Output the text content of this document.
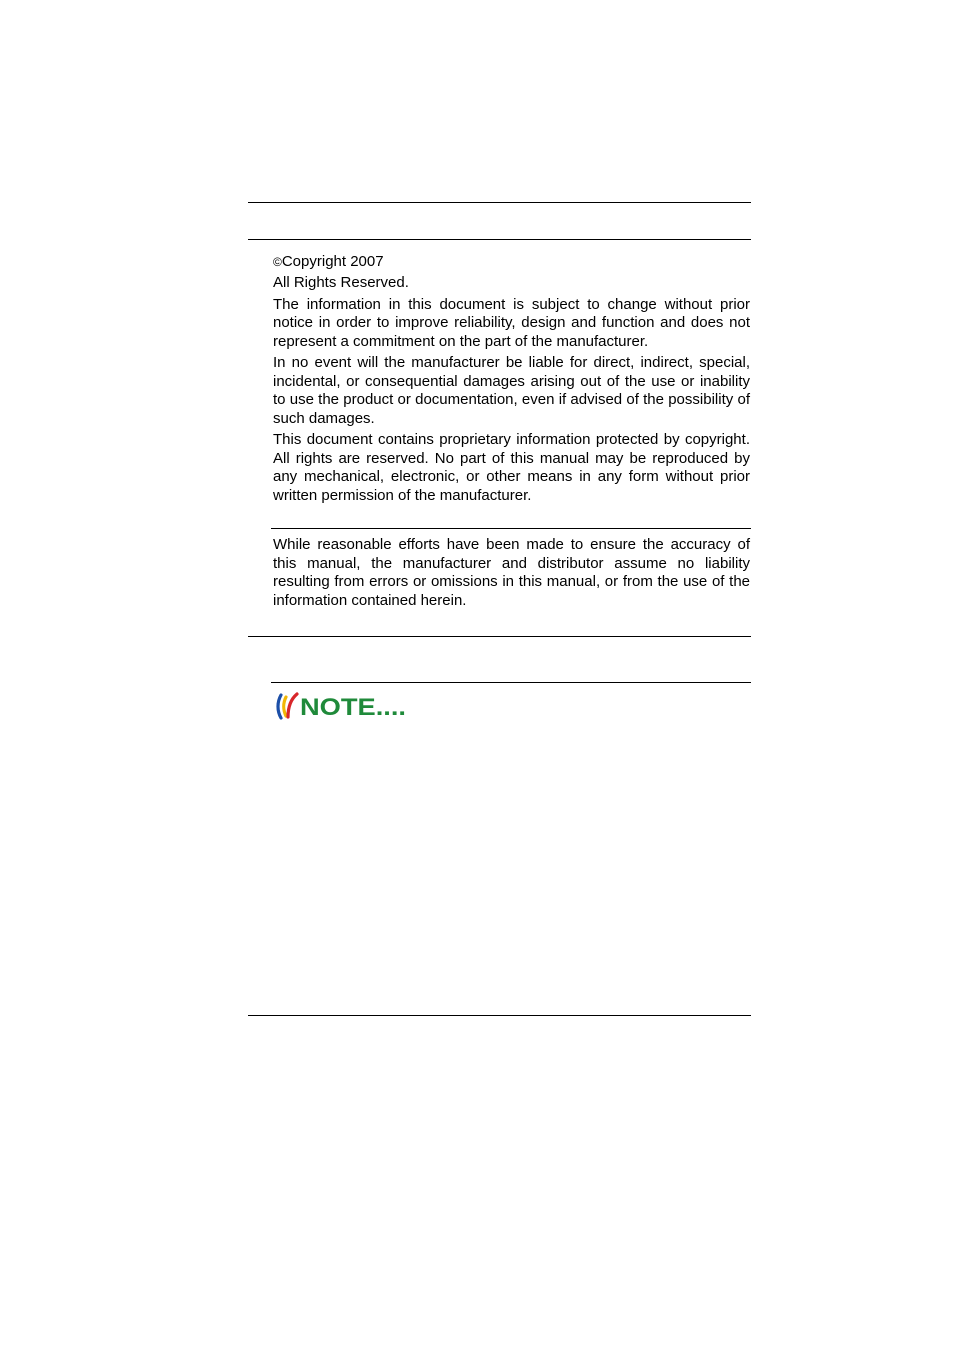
©Copyright 2007

All Rights Reserved.

The information in this document is subject to change without prior notice in order to improve reliability, design and function and does not represent a commitment on the part of the manufacturer.

In no event will the manufacturer be liable for direct, indirect, special, incidental, or consequential damages arising out of the use or inability to use the product or documentation, even if advised of the possibility of such damages.

This document contains proprietary information protected by copyright. All rights are reserved. No part of this manual may be reproduced by any mechanical, electronic, or other means in any form without prior written permission of the manufacturer.

While reasonable efforts have been made to ensure the accuracy of this manual, the manufacturer and distributor assume no liability resulting from errors or omissions in this manual, or from the use of the information contained herein.

NOTE....
